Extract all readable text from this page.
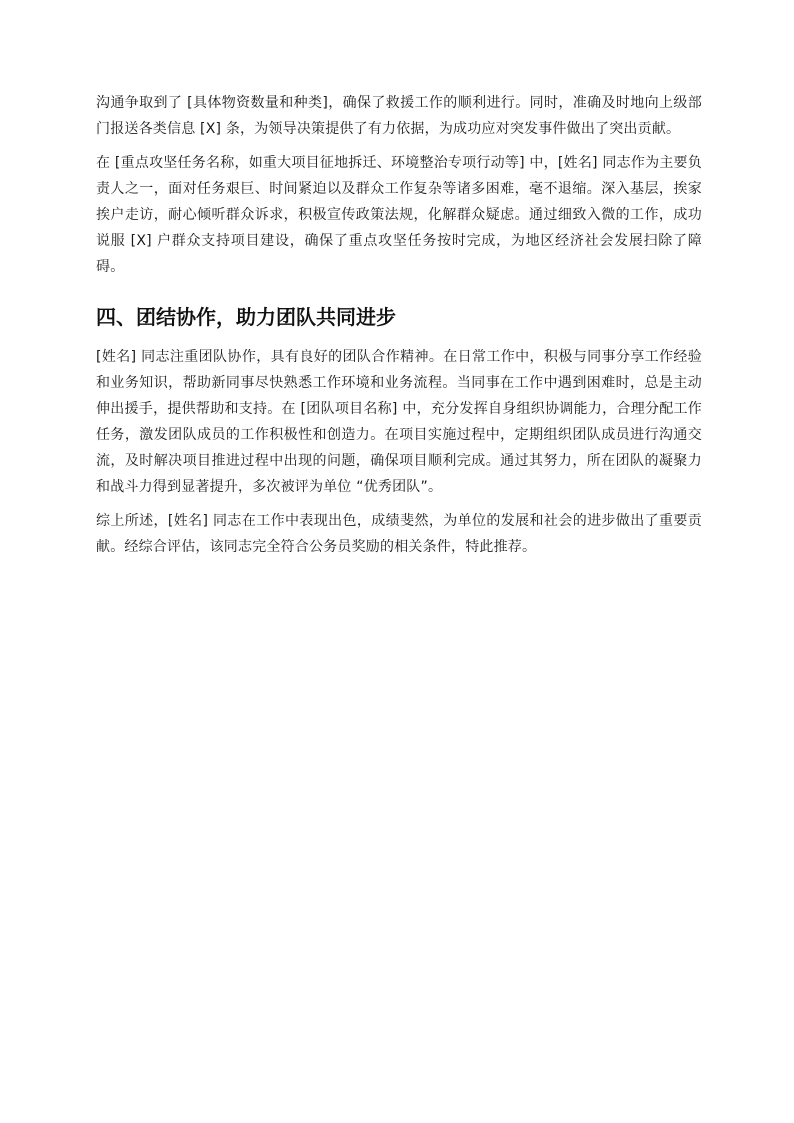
沟通争取到了 [具体物资数量和种类]，确保了救援工作的顺利进行。同时，准确及时地向上级部门报送各类信息 [X] 条，为领导决策提供了有力依据，为成功应对突发事件做出了突出贡献。

在 [重点攻坚任务名称，如重大项目征地拆迁、环境整治专项行动等] 中，[姓名] 同志作为主要负责人之一，面对任务艰巨、时间紧迫以及群众工作复杂等诸多困难，毫不退缩。深入基层，挨家挨户走访，耐心倾听群众诉求，积极宣传政策法规，化解群众疑虑。通过细致入微的工作，成功说服 [X] 户群众支持项目建设，确保了重点攻坚任务按时完成，为地区经济社会发展扫除了障碍。

四、团结协作，助力团队共同进步

[姓名] 同志注重团队协作，具有良好的团队合作精神。在日常工作中，积极与同事分享工作经验和业务知识，帮助新同事尽快熟悉工作环境和业务流程。当同事在工作中遇到困难时，总是主动伸出援手，提供帮助和支持。在 [团队项目名称] 中，充分发挥自身组织协调能力，合理分配工作任务，激发团队成员的工作积极性和创造力。在项目实施过程中，定期组织团队成员进行沟通交流，及时解决项目推进过程中出现的问题，确保项目顺利完成。通过其努力，所在团队的凝聚力和战斗力得到显著提升，多次被评为单位 “优秀团队”。

综上所述，[姓名] 同志在工作中表现出色，成绩斐然，为单位的发展和社会的进步做出了重要贡献。经综合评估，该同志完全符合公务员奖励的相关条件，特此推荐。
